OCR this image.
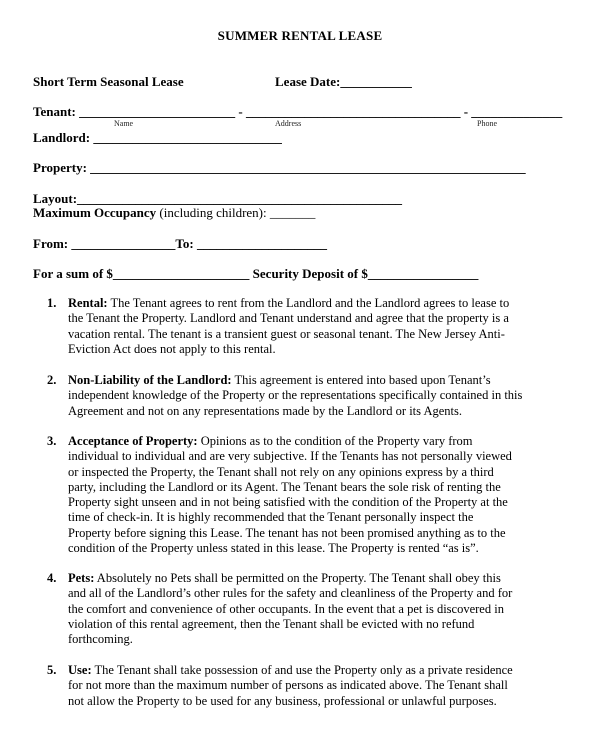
SUMMER RENTAL LEASE
Short Term Seasonal Lease	Lease Date:___________
Tenant: ________________________ - _________________________________ - ______________
Name	Address	Phone
Landlord: _____________________________
Property: ___________________________________________________________________
Layout:__________________________________________________
Maximum Occupancy (including children): _______
From: ________________To: ____________________
For a sum of $_____________________ Security Deposit of $_________________
1. Rental: The Tenant agrees to rent from the Landlord and the Landlord agrees to lease to
the Tenant the Property. Landlord and Tenant understand and agree that the property is a
vacation rental. The tenant is a transient guest or seasonal tenant. The New Jersey Anti-
Eviction Act does not apply to this rental.
2. Non-Liability of the Landlord: This agreement is entered into based upon Tenant’s
independent knowledge of the Property or the representations specifically contained in this
Agreement and not on any representations made by the Landlord or its Agents.
3. Acceptance of Property: Opinions as to the condition of the Property vary from
individual to individual and are very subjective. If the Tenants has not personally viewed
or inspected the Property, the Tenant shall not rely on any opinions express by a third
party, including the Landlord or its Agent. The Tenant bears the sole risk of renting the
Property sight unseen and in not being satisfied with the condition of the Property at the
time of check-in. It is highly recommended that the Tenant personally inspect the
Property before signing this Lease. The tenant has not been promised anything as to the
condition of the Property unless stated in this lease. The Property is rented “as is”.
4. Pets: Absolutely no Pets shall be permitted on the Property. The Tenant shall obey this
and all of the Landlord’s other rules for the safety and cleanliness of the Property and for
the comfort and convenience of other occupants. In the event that a pet is discovered in
violation of this rental agreement, then the Tenant shall be evicted with no refund
forthcoming.
5. Use: The Tenant shall take possession of and use the Property only as a private residence
for not more than the maximum number of persons as indicated above. The Tenant shall
not allow the Property to be used for any business, professional or unlawful purposes.
